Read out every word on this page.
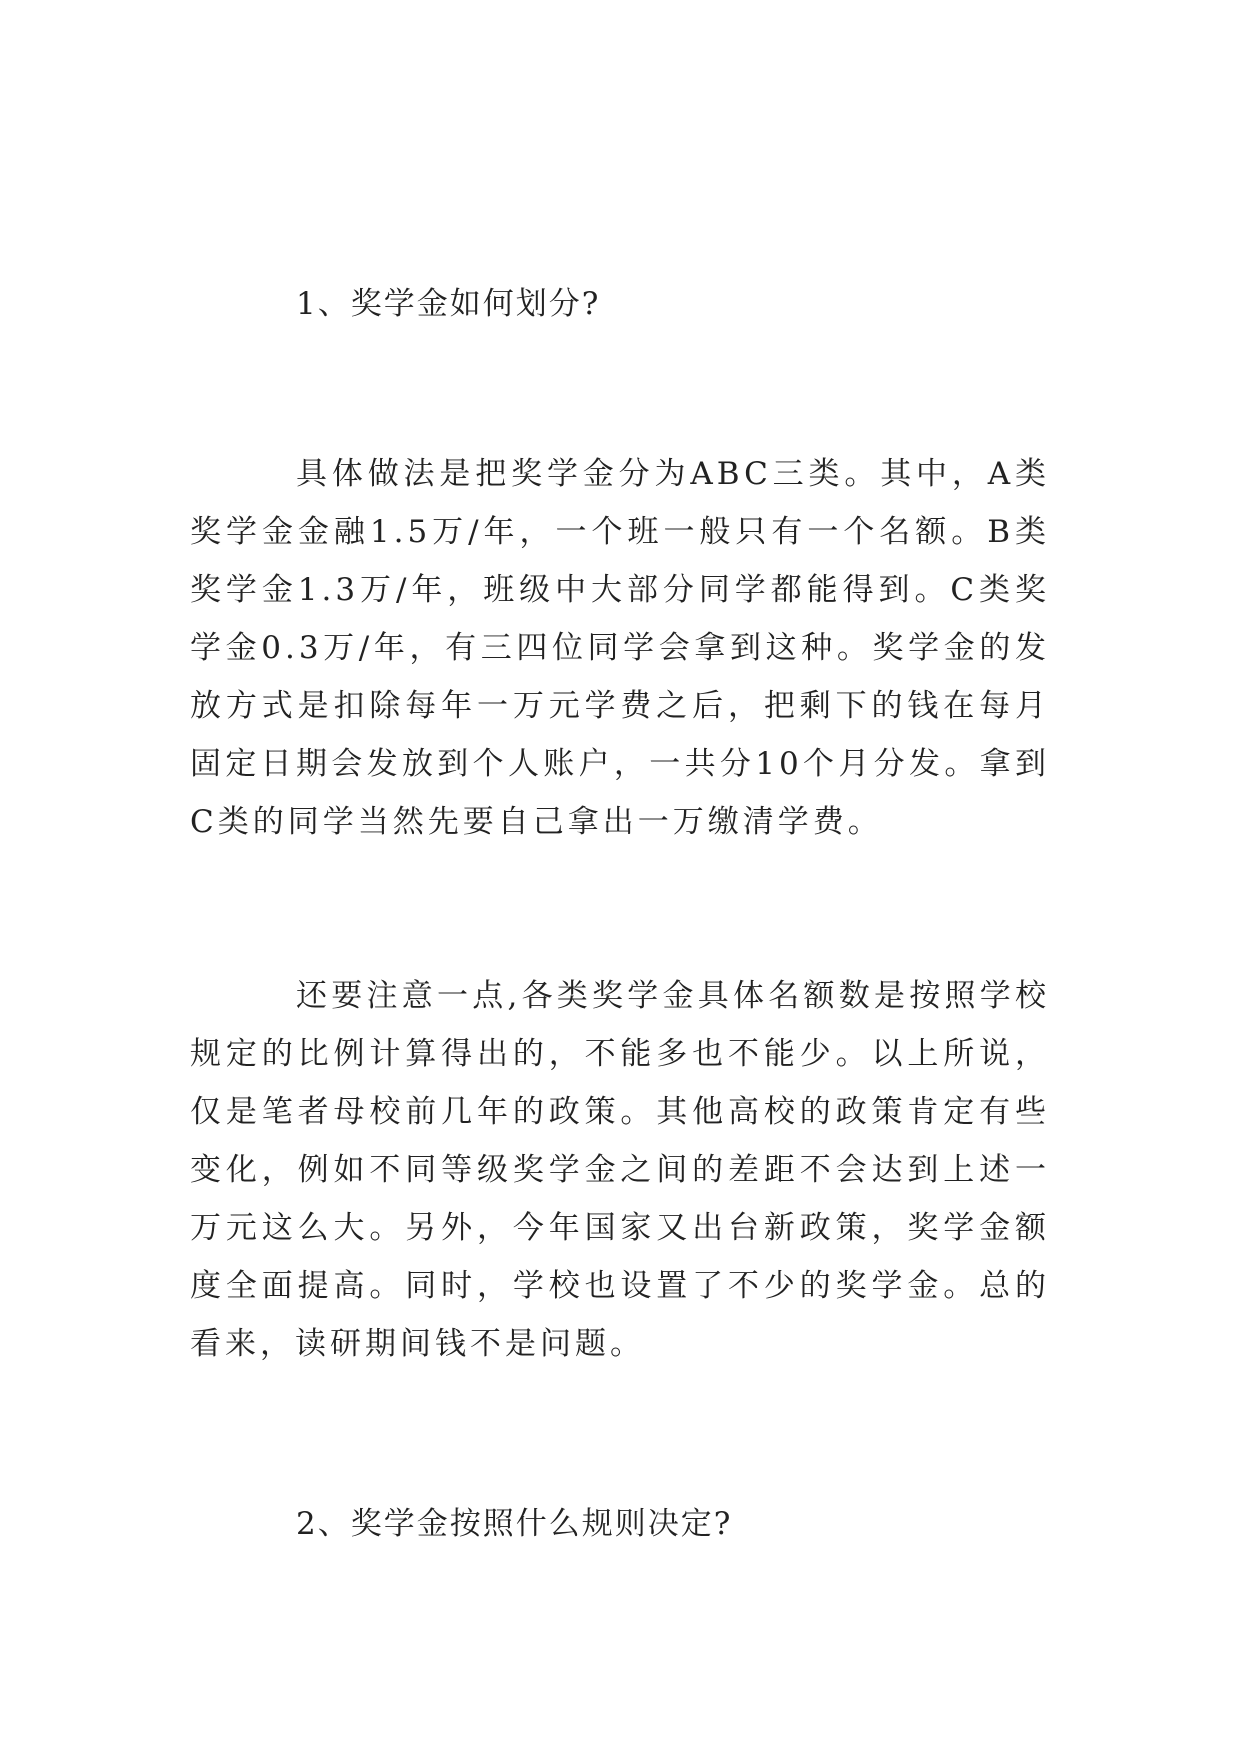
1、奖学金如何划分?
具体做法是把奖学金分为ABC三类。其中，A类奖学金金融1.5万/年，一个班一般只有一个名额。B类奖学金1.3万/年，班级中大部分同学都能得到。C类奖学金0.3万/年，有三四位同学会拿到这种。奖学金的发放方式是扣除每年一万元学费之后，把剩下的钱在每月固定日期会发放到个人账户，一共分10个月分发。拿到C类的同学当然先要自己拿出一万缴清学费。
还要注意一点,各类奖学金具体名额数是按照学校规定的比例计算得出的，不能多也不能少。以上所说，仅是笔者母校前几年的政策。其他高校的政策肯定有些变化，例如不同等级奖学金之间的差距不会达到上述一万元这么大。另外，今年国家又出台新政策，奖学金额度全面提高。同时，学校也设置了不少的奖学金。总的看来，读研期间钱不是问题。
2、奖学金按照什么规则决定?
